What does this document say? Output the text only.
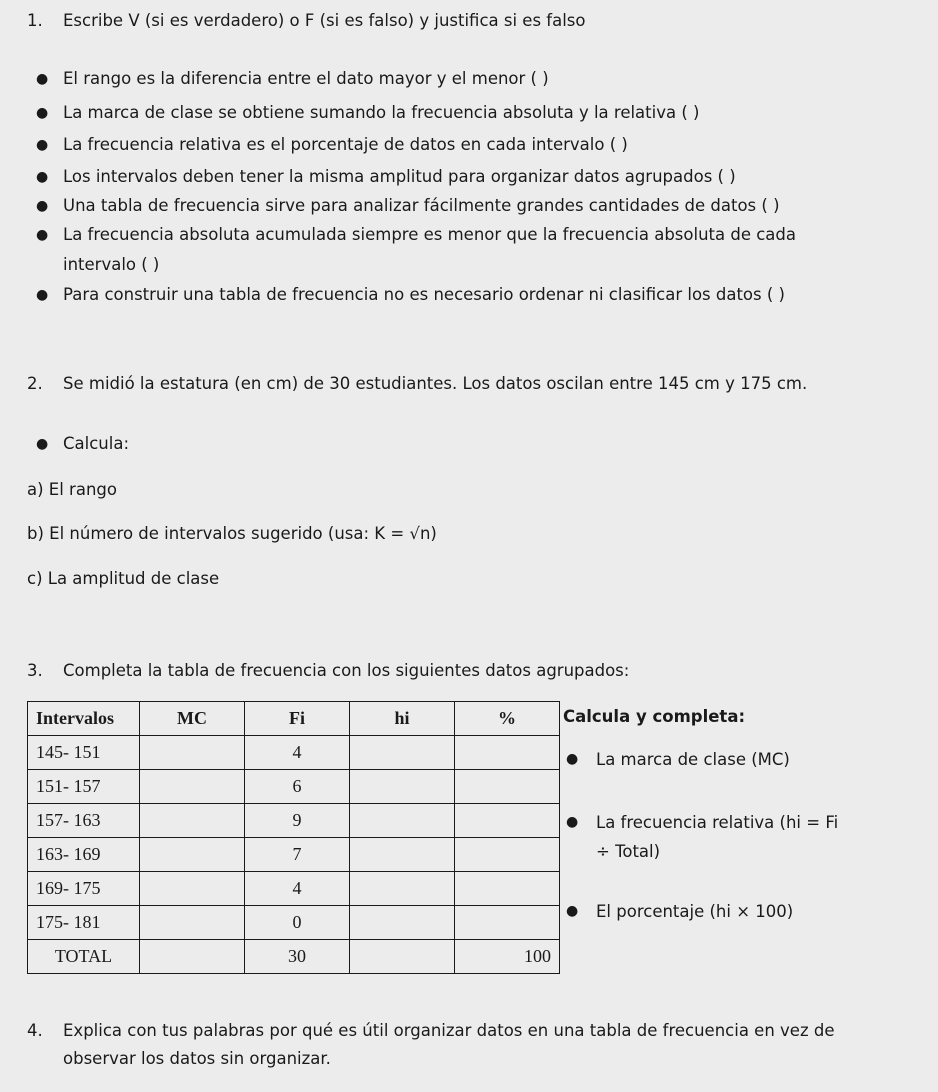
1. Escribe V (si es verdadero) o F (si es falso) y justifica si es falso
● El rango es la diferencia entre el dato mayor y el menor ( )
● La marca de clase se obtiene sumando la frecuencia absoluta y la relativa ( )
● La frecuencia relativa es el porcentaje de datos en cada intervalo ( )
● Los intervalos deben tener la misma amplitud para organizar datos agrupados ( )
● Una tabla de frecuencia sirve para analizar fácilmente grandes cantidades de datos ( )
● La frecuencia absoluta acumulada siempre es menor que la frecuencia absoluta de cada
intervalo ( )
● Para construir una tabla de frecuencia no es necesario ordenar ni clasificar los datos ( )
2. Se midió la estatura (en cm) de 30 estudiantes. Los datos oscilan entre 145 cm y 175 cm.
● Calcula:
a) El rango
b) El número de intervalos sugerido (usa: K = √n)
c) La amplitud de clase
3. Completa la tabla de frecuencia con los siguientes datos agrupados:
Intervalos	MC	Fi	hi	%
145- 151		4		
151- 157		6		
157- 163		9		
163- 169		7		
169- 175		4		
175- 181		0		
TOTAL		30		100
Calcula y completa:
● La marca de clase (MC)
● La frecuencia relativa (hi = Fi
÷ Total)
● El porcentaje (hi × 100)
4. Explica con tus palabras por qué es útil organizar datos en una tabla de frecuencia en vez de
observar los datos sin organizar.
